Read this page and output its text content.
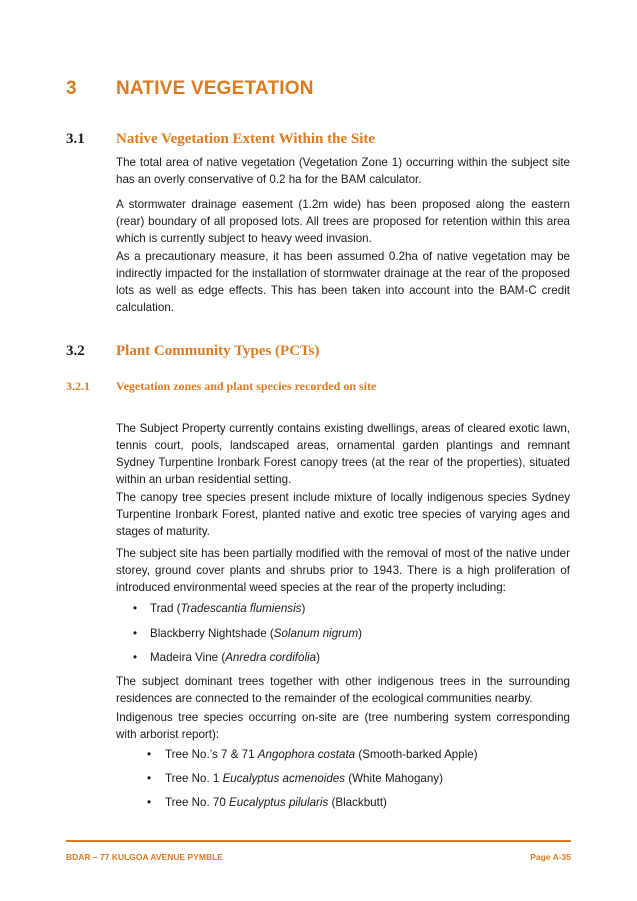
3 NATIVE VEGETATION
3.1 Native Vegetation Extent Within the Site

The total area of native vegetation (Vegetation Zone 1) occurring within the subject site has an overly conservative of 0.2 ha for the BAM calculator.

A stormwater drainage easement (1.2m wide) has been proposed along the eastern (rear) boundary of all proposed lots. All trees are proposed for retention within this area which is currently subject to heavy weed invasion.

As a precautionary measure, it has been assumed 0.2ha of native vegetation may be indirectly impacted for the installation of stormwater drainage at the rear of the proposed lots as well as edge effects. This has been taken into account into the BAM-C credit calculation.

3.2 Plant Community Types (PCTs)
3.2.1 Vegetation zones and plant species recorded on site

The Subject Property currently contains existing dwellings, areas of cleared exotic lawn, tennis court, pools, landscaped areas, ornamental garden plantings and remnant Sydney Turpentine Ironbark Forest canopy trees (at the rear of the properties), situated within an urban residential setting.

The canopy tree species present include mixture of locally indigenous species Sydney Turpentine Ironbark Forest, planted native and exotic tree species of varying ages and stages of maturity.

The subject site has been partially modified with the removal of most of the native under storey, ground cover plants and shrubs prior to 1943. There is a high proliferation of introduced environmental weed species at the rear of the property including:

• Trad (Tradescantia flumiensis)
• Blackberry Nightshade (Solanum nigrum)
• Madeira Vine (Anredra cordifolia)

The subject dominant trees together with other indigenous trees in the surrounding residences are connected to the remainder of the ecological communities nearby.

Indigenous tree species occurring on-site are (tree numbering system corresponding with arborist report):

• Tree No.’s 7 & 71 Angophora costata (Smooth-barked Apple)
• Tree No. 1 Eucalyptus acmenoides (White Mahogany)
• Tree No. 70 Eucalyptus pilularis (Blackbutt)
BDAR – 77 KULGOA AVENUE PYMBLE	Page A-35
